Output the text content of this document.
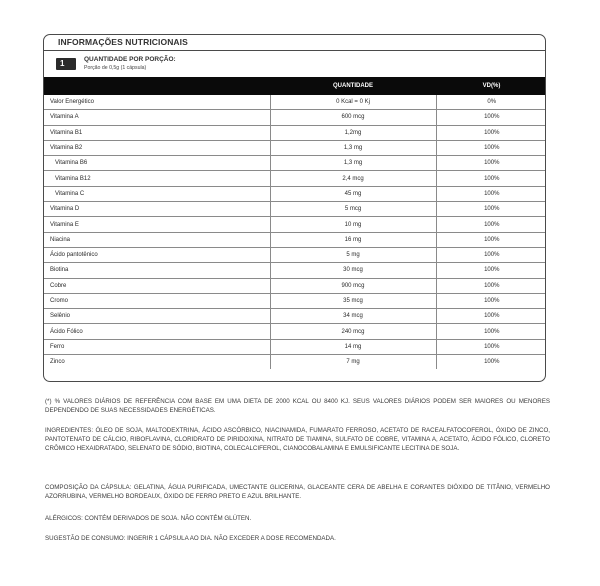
INFORMAÇÕES NUTRICIONAIS
1	QUANTIDADE POR PORÇÃO:
Porção de 0,5g (1 cápsula)
	QUANTIDADE	VD(%)
Valor Energético	0 Kcal = 0 Kj	0%
Vitamina A	600 mcg	100%
Vitamina B1	1,2mg	100%
Vitamina B2	1,3 mg	100%
Vitamina B6	1,3 mg	100%
Vitamina B12	2,4 mcg	100%
Vitamina C	45 mg	100%
Vitamina D	5 mcg	100%
Vitamina E	10 mg	100%
Niacina	16 mg	100%
Ácido pantotênico	5 mg	100%
Biotina	30 mcg	100%
Cobre	900 mcg	100%
Cromo	35 mcg	100%
Selênio	34 mcg	100%
Ácido Fólico	240 mcg	100%
Ferro	14 mg	100%
Zinco	7 mg	100%
(*) % VALORES DIÁRIOS DE REFERÊNCIA COM BASE EM UMA DIETA DE 2000 KCAL OU 8400 KJ. SEUS VALORES DIÁRIOS PODEM SER MAIORES OU MENORES DEPENDENDO DE SUAS NECESSIDADES ENERGÉTICAS.
INGREDIENTES: ÓLEO DE SOJA, MALTODEXTRINA, ÁCIDO ASCÓRBICO, NIACINAMIDA, FUMARATO FERROSO, ACETATO DE RACEALFATOCOFEROL, ÓXIDO DE ZINCO, PANTOTENATO DE CÁLCIO, RIBOFLAVINA, CLORIDRATO DE PIRIDOXINA, NITRATO DE TIAMINA, SULFATO DE COBRE, VITAMINA A, ACETATO, ÁCIDO FÓLICO, CLORETO CRÔMICO HEXAIDRATADO, SELENATO DE SÓDIO, BIOTINA, COLECALCIFEROL, CIANOCOBALAMINA E EMULSIFICANTE LECITINA DE SOJA.
COMPOSIÇÃO DA CÁPSULA: GELATINA, ÁGUA PURIFICADA, UMECTANTE GLICERINA, GLACEANTE CERA DE ABELHA E CORANTES DIÓXIDO DE TITÂNIO, VERMELHO AZORRUBINA, VERMELHO BORDEAUX, ÓXIDO DE FERRO PRETO E AZUL BRILHANTE.
ALÉRGICOS: CONTÉM DERIVADOS DE SOJA. NÃO CONTÉM GLÚTEN.
SUGESTÃO DE CONSUMO: INGERIR 1 CÁPSULA AO DIA. NÃO EXCEDER A DOSE RECOMENDADA.
